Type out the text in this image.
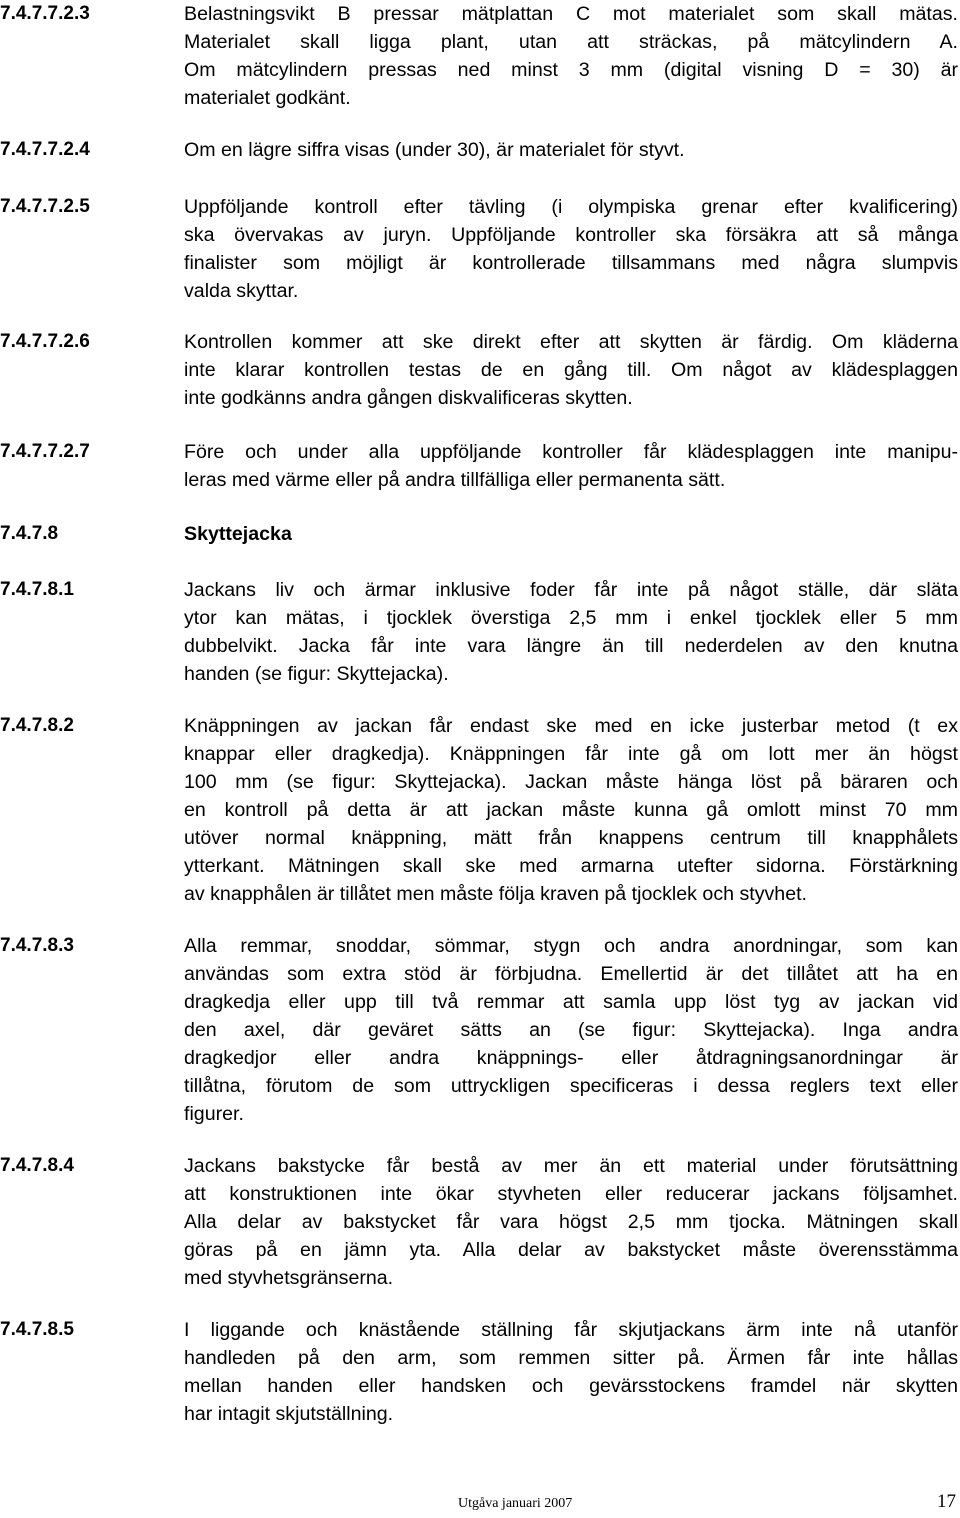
7.4.7.7.2.3	Belastningsvikt B pressar mätplattan C mot materialet som skall mätas.
Materialet skall ligga plant, utan att sträckas, på mätcylindern A.
Om mätcylindern pressas ned minst 3 mm (digital visning D = 30) är
materialet godkänt.
7.4.7.7.2.4	Om en lägre siffra visas (under 30), är materialet för styvt.
7.4.7.7.2.5	Uppföljande kontroll efter tävling (i olympiska grenar efter kvalificering)
ska övervakas av juryn. Uppföljande kontroller ska försäkra att så många
finalister som möjligt är kontrollerade tillsammans med några slumpvis
valda skyttar.
7.4.7.7.2.6	Kontrollen kommer att ske direkt efter att skytten är färdig. Om kläderna
inte klarar kontrollen testas de en gång till. Om något av klädesplaggen
inte godkänns andra gången diskvalificeras skytten.
7.4.7.7.2.7	Före och under alla uppföljande kontroller får klädesplaggen inte manipu-
leras med värme eller på andra tillfälliga eller permanenta sätt.
7.4.7.8	Skyttejacka
7.4.7.8.1	Jackans liv och ärmar inklusive foder får inte på något ställe, där släta
ytor kan mätas, i tjocklek överstiga 2,5 mm i enkel tjocklek eller 5 mm
dubbelvikt. Jacka får inte vara längre än till nederdelen av den knutna
handen (se figur: Skyttejacka).
7.4.7.8.2	Knäppningen av jackan får endast ske med en icke justerbar metod (t ex
knappar eller dragkedja). Knäppningen får inte gå om lott mer än högst
100 mm (se figur: Skyttejacka). Jackan måste hänga löst på bäraren och
en kontroll på detta är att jackan måste kunna gå omlott minst 70 mm
utöver normal knäppning, mätt från knappens centrum till knapphålets
ytterkant. Mätningen skall ske med armarna utefter sidorna. Förstärkning
av knapphålen är tillåtet men måste följa kraven på tjocklek och styvhet.
7.4.7.8.3	Alla remmar, snoddar, sömmar, stygn och andra anordningar, som kan
användas som extra stöd är förbjudna. Emellertid är det tillåtet att ha en
dragkedja eller upp till två remmar att samla upp löst tyg av jackan vid
den axel, där geväret sätts an (se figur: Skyttejacka). Inga andra
dragkedjor eller andra knäppnings- eller åtdragningsanordningar är
tillåtna, förutom de som uttryckligen specificeras i dessa reglers text eller
figurer.
7.4.7.8.4	Jackans bakstycke får bestå av mer än ett material under förutsättning
att konstruktionen inte ökar styvheten eller reducerar jackans följsamhet.
Alla delar av bakstycket får vara högst 2,5 mm tjocka. Mätningen skall
göras på en jämn yta. Alla delar av bakstycket måste överensstämma
med styvhetsgränserna.
7.4.7.8.5	I liggande och knästående ställning får skjutjackans ärm inte nå utanför
handleden på den arm, som remmen sitter på. Ärmen får inte hållas
mellan handen eller handsken och gevärsstockens framdel när skytten
har intagit skjutställning.
Utgåva januari 2007	17
